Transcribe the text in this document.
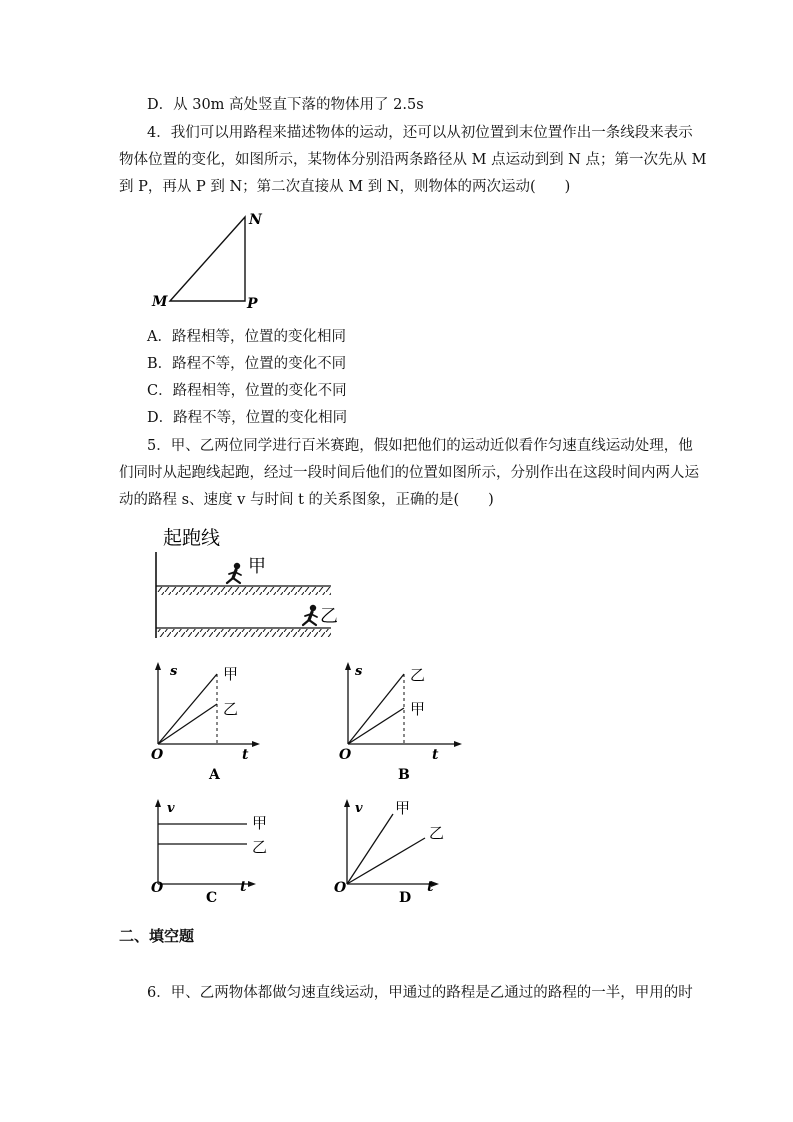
D．从 30m 高处竖直下落的物体用了 2.5s
4．我们可以用路程来描述物体的运动，还可以从初位置到末位置作出一条线段来表示
物体位置的变化，如图所示，某物体分别沿两条路径从 M 点运动到到 N 点；第一次先从 M
到 P，再从 P 到 N；第二次直接从 M 到 N，则物体的两次运动(　　)
M
N
P
A．路程相等，位置的变化相同
B．路程不等，位置的变化不同
C．路程相等，位置的变化不同
D．路程不等，位置的变化相同
5．甲、乙两位同学进行百米赛跑，假如把他们的运动近似看作匀速直线运动处理，他
们同时从起跑线起跑，经过一段时间后他们的位置如图所示，分别作出在这段时间内两人运
动的路程 s、速度 v 与时间 t 的关系图象，正确的是(　　)
起跑线
甲
乙
s
t
O
甲
乙
A
s
t
O
乙
甲
B
v
t
O
甲
乙
C
v
t
O
甲
乙
D
二、填空题
6．甲、乙两物体都做匀速直线运动，甲通过的路程是乙通过的路程的一半，甲用的时
